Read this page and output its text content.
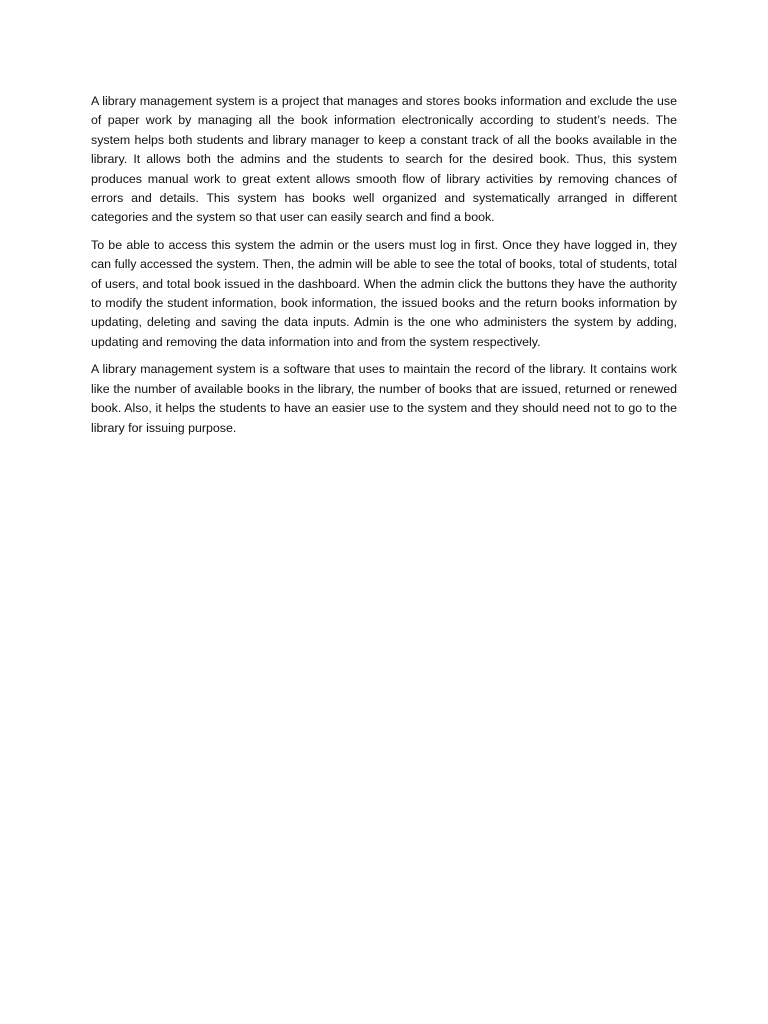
A library management system is a project that manages and stores books information and exclude the use of paper work by managing all the book information electronically according to student’s needs. The system helps both students and library manager to keep a constant track of all the books available in the library. It allows both the admins and the students to search for the desired book. Thus, this system produces manual work to great extent allows smooth flow of library activities by removing chances of errors and details. This system has books well organized and systematically arranged in different categories and the system so that user can easily search and find a book.

To be able to access this system the admin or the users must log in first. Once they have logged in, they can fully accessed the system. Then, the admin will be able to see the total of books, total of students, total of users, and total book issued in the dashboard. When the admin click the buttons they have the authority to modify the student information, book information, the issued books and the return books information by updating, deleting and saving the data inputs. Admin is the one who administers the system by adding, updating and removing the data information into and from the system respectively.

A library management system is a software that uses to maintain the record of the library. It contains work like the number of available books in the library, the number of books that are issued, returned or renewed book. Also, it helps the students to have an easier use to the system and they should need not to go to the library for issuing purpose.
